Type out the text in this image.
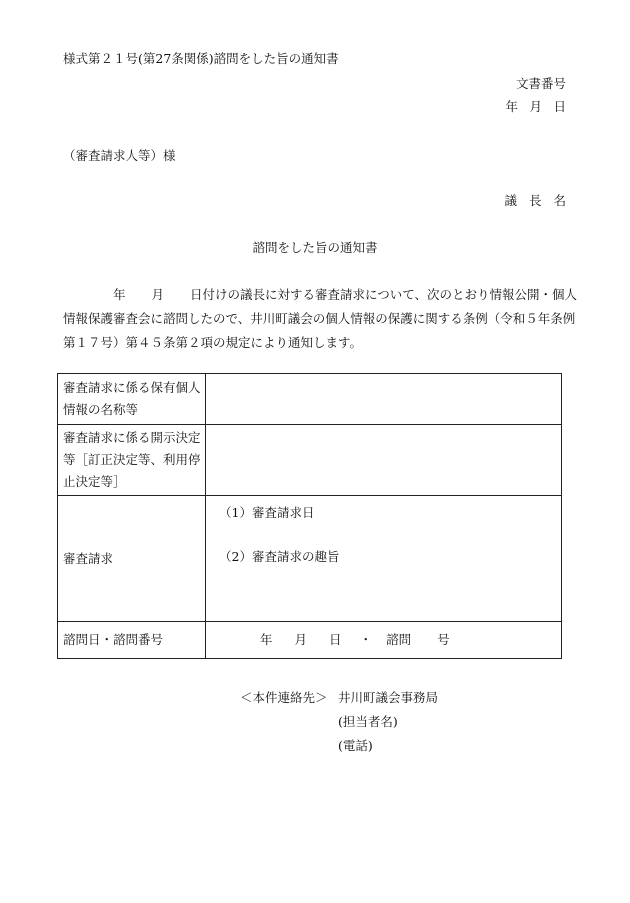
様式第２１号(第27条関係)諮問をした旨の通知書
文書番号
年 月 日
（審査請求人等）様
議 長 名
諮問をした旨の通知書
年 月 日付けの議長に対する審査請求について、次のとおり情報公開・個人
情報保護審査会に諮問したので、井川町議会の個人情報の保護に関する条例（令和５年条例
第１７号）第４５条第２項の規定により通知します。
審査請求に係る保有個人
情報の名称等	

審査請求に係る開示決定
等［訂正決定等、利用停
止決定等］	

審査請求	（1）審査請求日
（2）審査請求の趣旨

諮問日・諮問番号	年 月 日 ・ 諮問 号
＜本件連絡先＞ 井川町議会事務局
(担当者名)
(電話)
